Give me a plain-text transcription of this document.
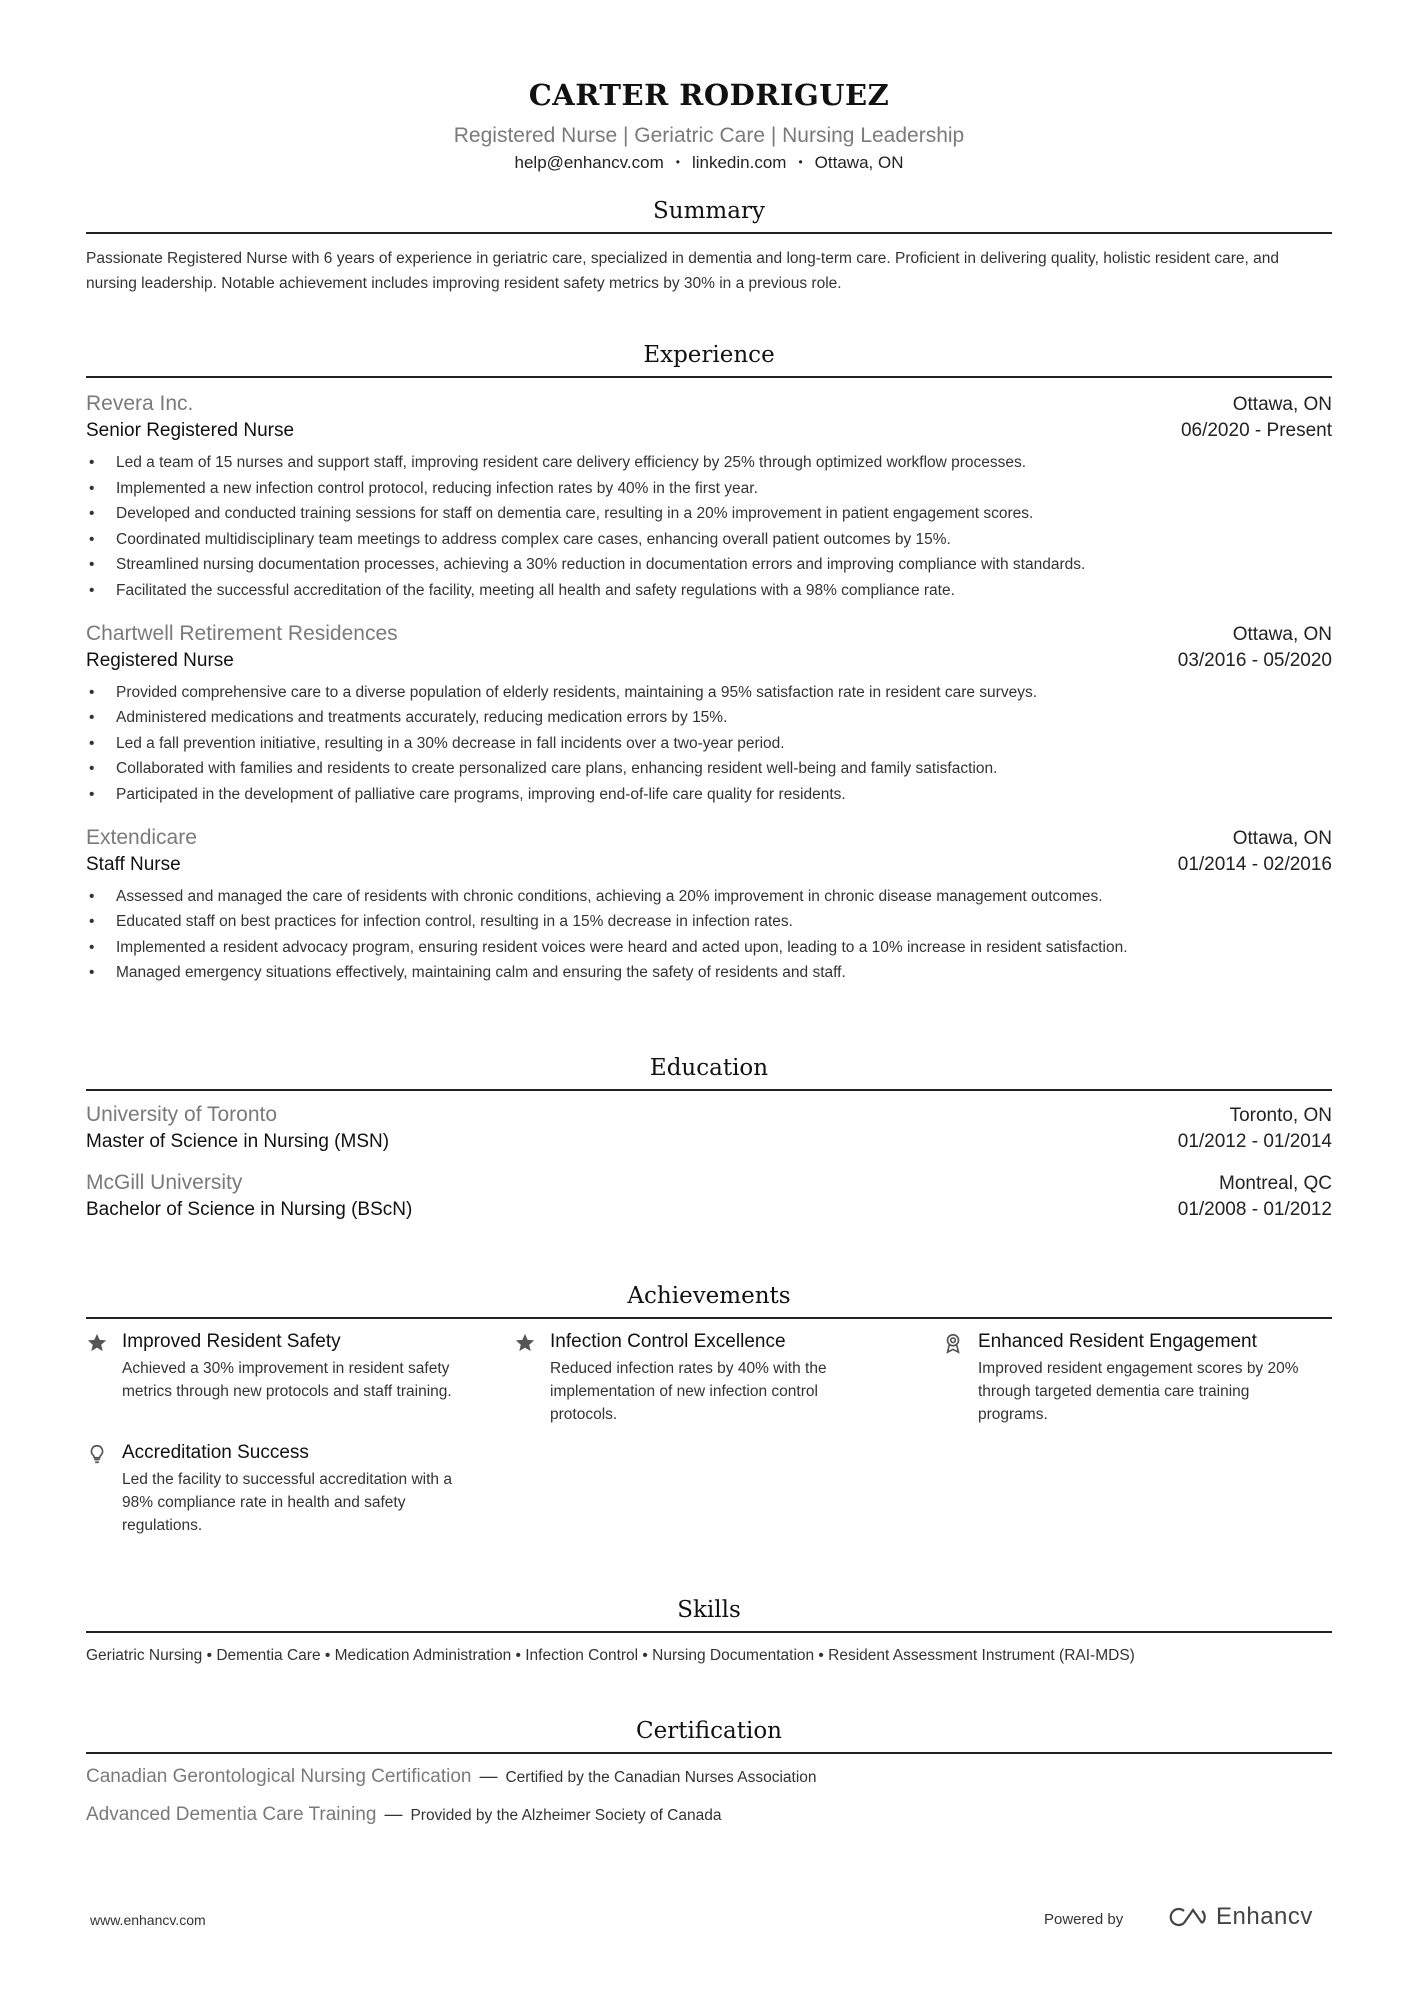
CARTER RODRIGUEZ
Registered Nurse | Geriatric Care | Nursing Leadership
help@enhancv.com • linkedin.com • Ottawa, ON
Summary
Passionate Registered Nurse with 6 years of experience in geriatric care, specialized in dementia and long-term care. Proficient in delivering quality, holistic resident care, and nursing leadership. Notable achievement includes improving resident safety metrics by 30% in a previous role.
Experience
Revera Inc.	Ottawa, ON
Senior Registered Nurse	06/2020 - Present
• Led a team of 15 nurses and support staff, improving resident care delivery efficiency by 25% through optimized workflow processes.
• Implemented a new infection control protocol, reducing infection rates by 40% in the first year.
• Developed and conducted training sessions for staff on dementia care, resulting in a 20% improvement in patient engagement scores.
• Coordinated multidisciplinary team meetings to address complex care cases, enhancing overall patient outcomes by 15%.
• Streamlined nursing documentation processes, achieving a 30% reduction in documentation errors and improving compliance with standards.
• Facilitated the successful accreditation of the facility, meeting all health and safety regulations with a 98% compliance rate.
Chartwell Retirement Residences	Ottawa, ON
Registered Nurse	03/2016 - 05/2020
• Provided comprehensive care to a diverse population of elderly residents, maintaining a 95% satisfaction rate in resident care surveys.
• Administered medications and treatments accurately, reducing medication errors by 15%.
• Led a fall prevention initiative, resulting in a 30% decrease in fall incidents over a two-year period.
• Collaborated with families and residents to create personalized care plans, enhancing resident well-being and family satisfaction.
• Participated in the development of palliative care programs, improving end-of-life care quality for residents.
Extendicare	Ottawa, ON
Staff Nurse	01/2014 - 02/2016
• Assessed and managed the care of residents with chronic conditions, achieving a 20% improvement in chronic disease management outcomes.
• Educated staff on best practices for infection control, resulting in a 15% decrease in infection rates.
• Implemented a resident advocacy program, ensuring resident voices were heard and acted upon, leading to a 10% increase in resident satisfaction.
• Managed emergency situations effectively, maintaining calm and ensuring the safety of residents and staff.
Education
University of Toronto	Toronto, ON
Master of Science in Nursing (MSN)	01/2012 - 01/2014
McGill University	Montreal, QC
Bachelor of Science in Nursing (BScN)	01/2008 - 01/2012
Achievements
Improved Resident Safety
Achieved a 30% improvement in resident safety metrics through new protocols and staff training.
Infection Control Excellence
Reduced infection rates by 40% with the implementation of new infection control protocols.
Enhanced Resident Engagement
Improved resident engagement scores by 20% through targeted dementia care training programs.
Accreditation Success
Led the facility to successful accreditation with a 98% compliance rate in health and safety regulations.
Skills
Geriatric Nursing • Dementia Care • Medication Administration • Infection Control • Nursing Documentation • Resident Assessment Instrument (RAI-MDS)
Certification
Canadian Gerontological Nursing Certification — Certified by the Canadian Nurses Association
Advanced Dementia Care Training — Provided by the Alzheimer Society of Canada
www.enhancv.com	Powered by	Enhancv
